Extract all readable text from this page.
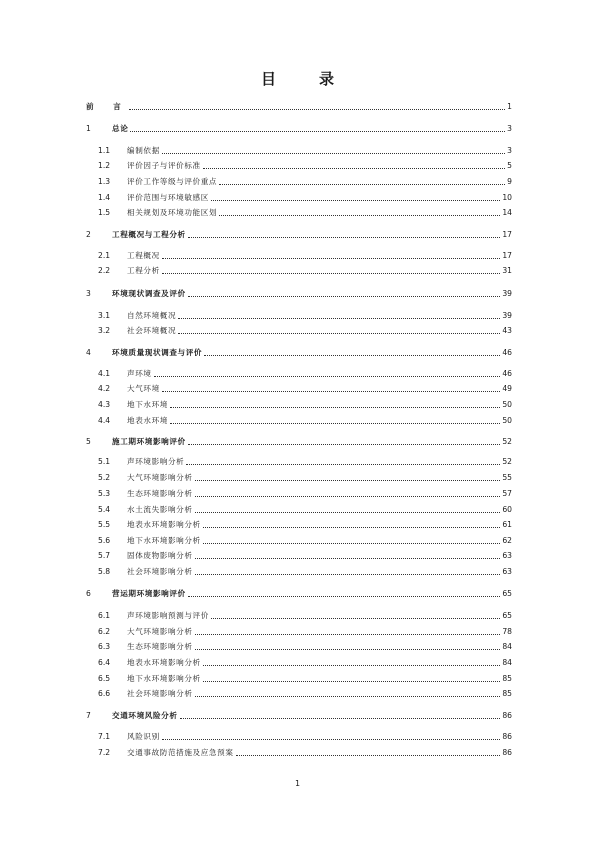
目　录
前　言	1
1	总论	3
1.1	编制依据	3
1.2	评价因子与评价标准	5
1.3	评价工作等级与评价重点	9
1.4	评价范围与环境敏感区	10
1.5	相关规划及环境功能区划	14
2	工程概况与工程分析	17
2.1	工程概况	17
2.2	工程分析	31
3	环境现状调查及评价	39
3.1	自然环境概况	39
3.2	社会环境概况	43
4	环境质量现状调查与评价	46
4.1	声环境	46
4.2	大气环境	49
4.3	地下水环境	50
4.4	地表水环境	50
5	施工期环境影响评价	52
5.1	声环境影响分析	52
5.2	大气环境影响分析	55
5.3	生态环境影响分析	57
5.4	水土流失影响分析	60
5.5	地表水环境影响分析	61
5.6	地下水环境影响分析	62
5.7	固体废物影响分析	63
5.8	社会环境影响分析	63
6	营运期环境影响评价	65
6.1	声环境影响预测与评价	65
6.2	大气环境影响分析	78
6.3	生态环境影响分析	84
6.4	地表水环境影响分析	84
6.5	地下水环境影响分析	85
6.6	社会环境影响分析	85
7	交通环境风险分析	86
7.1	风险识别	86
7.2	交通事故防范措施及应急预案	86
1
